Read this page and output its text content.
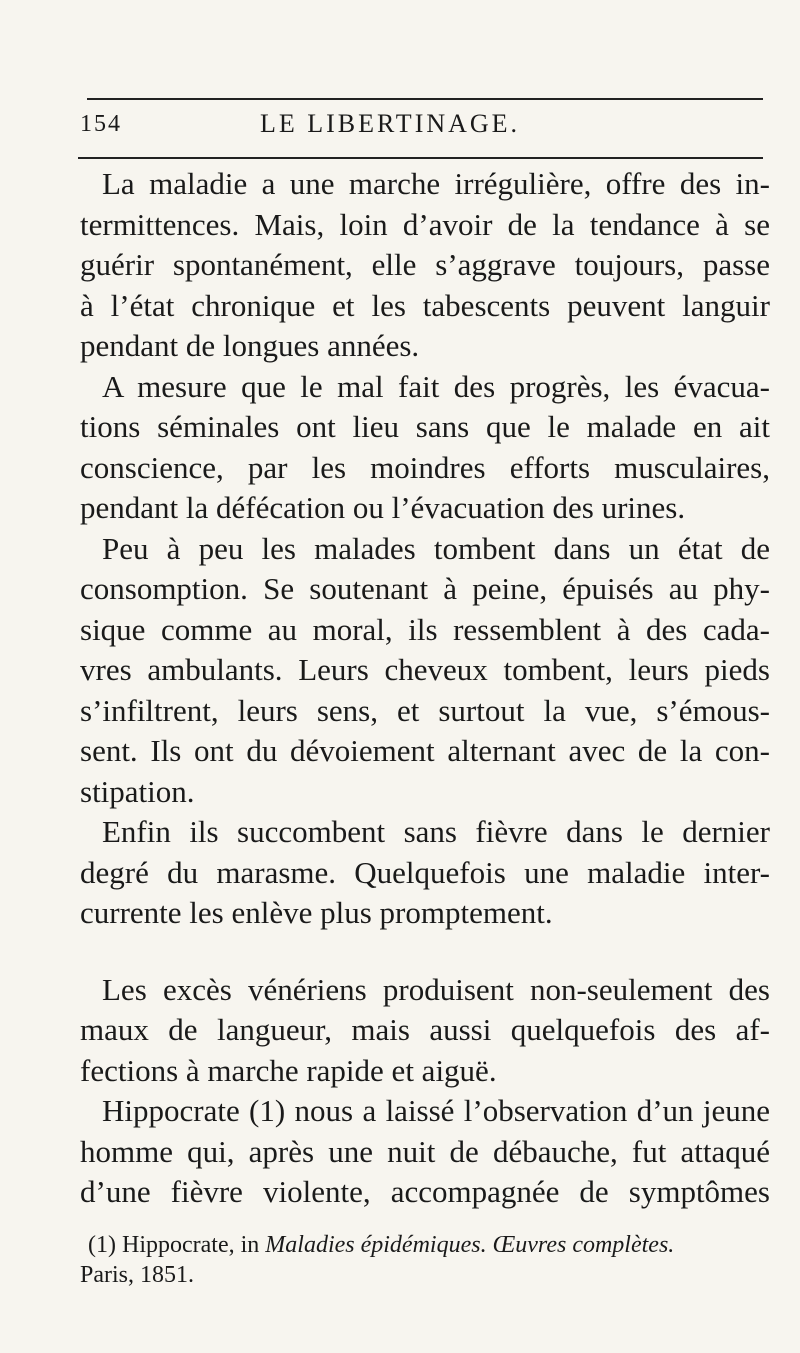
154	LE LIBERTINAGE.
La maladie a une marche irrégulière, offre des in-
termittences. Mais, loin d’avoir de la tendance à se
guérir spontanément, elle s’aggrave toujours, passe
à l’état chronique et les tabescents peuvent languir
pendant de longues années.
A mesure que le mal fait des progrès, les évacua-
tions séminales ont lieu sans que le malade en ait
conscience, par les moindres efforts musculaires,
pendant la défécation ou l’évacuation des urines.
Peu à peu les malades tombent dans un état de
consomption. Se soutenant à peine, épuisés au phy-
sique comme au moral, ils ressemblent à des cada-
vres ambulants. Leurs cheveux tombent, leurs pieds
s’infiltrent, leurs sens, et surtout la vue, s’émous-
sent. Ils ont du dévoiement alternant avec de la con-
stipation.
Enfin ils succombent sans fièvre dans le dernier
degré du marasme. Quelquefois une maladie inter-
currente les enlève plus promptement.
Les excès vénériens produisent non-seulement des
maux de langueur, mais aussi quelquefois des af-
fections à marche rapide et aiguë.
Hippocrate (1) nous a laissé l’observation d’un jeune
homme qui, après une nuit de débauche, fut attaqué
d’une fièvre violente, accompagnée de symptômes
(1) Hippocrate, in Maladies épidémiques. Œuvres complètes.
Paris, 1851.
